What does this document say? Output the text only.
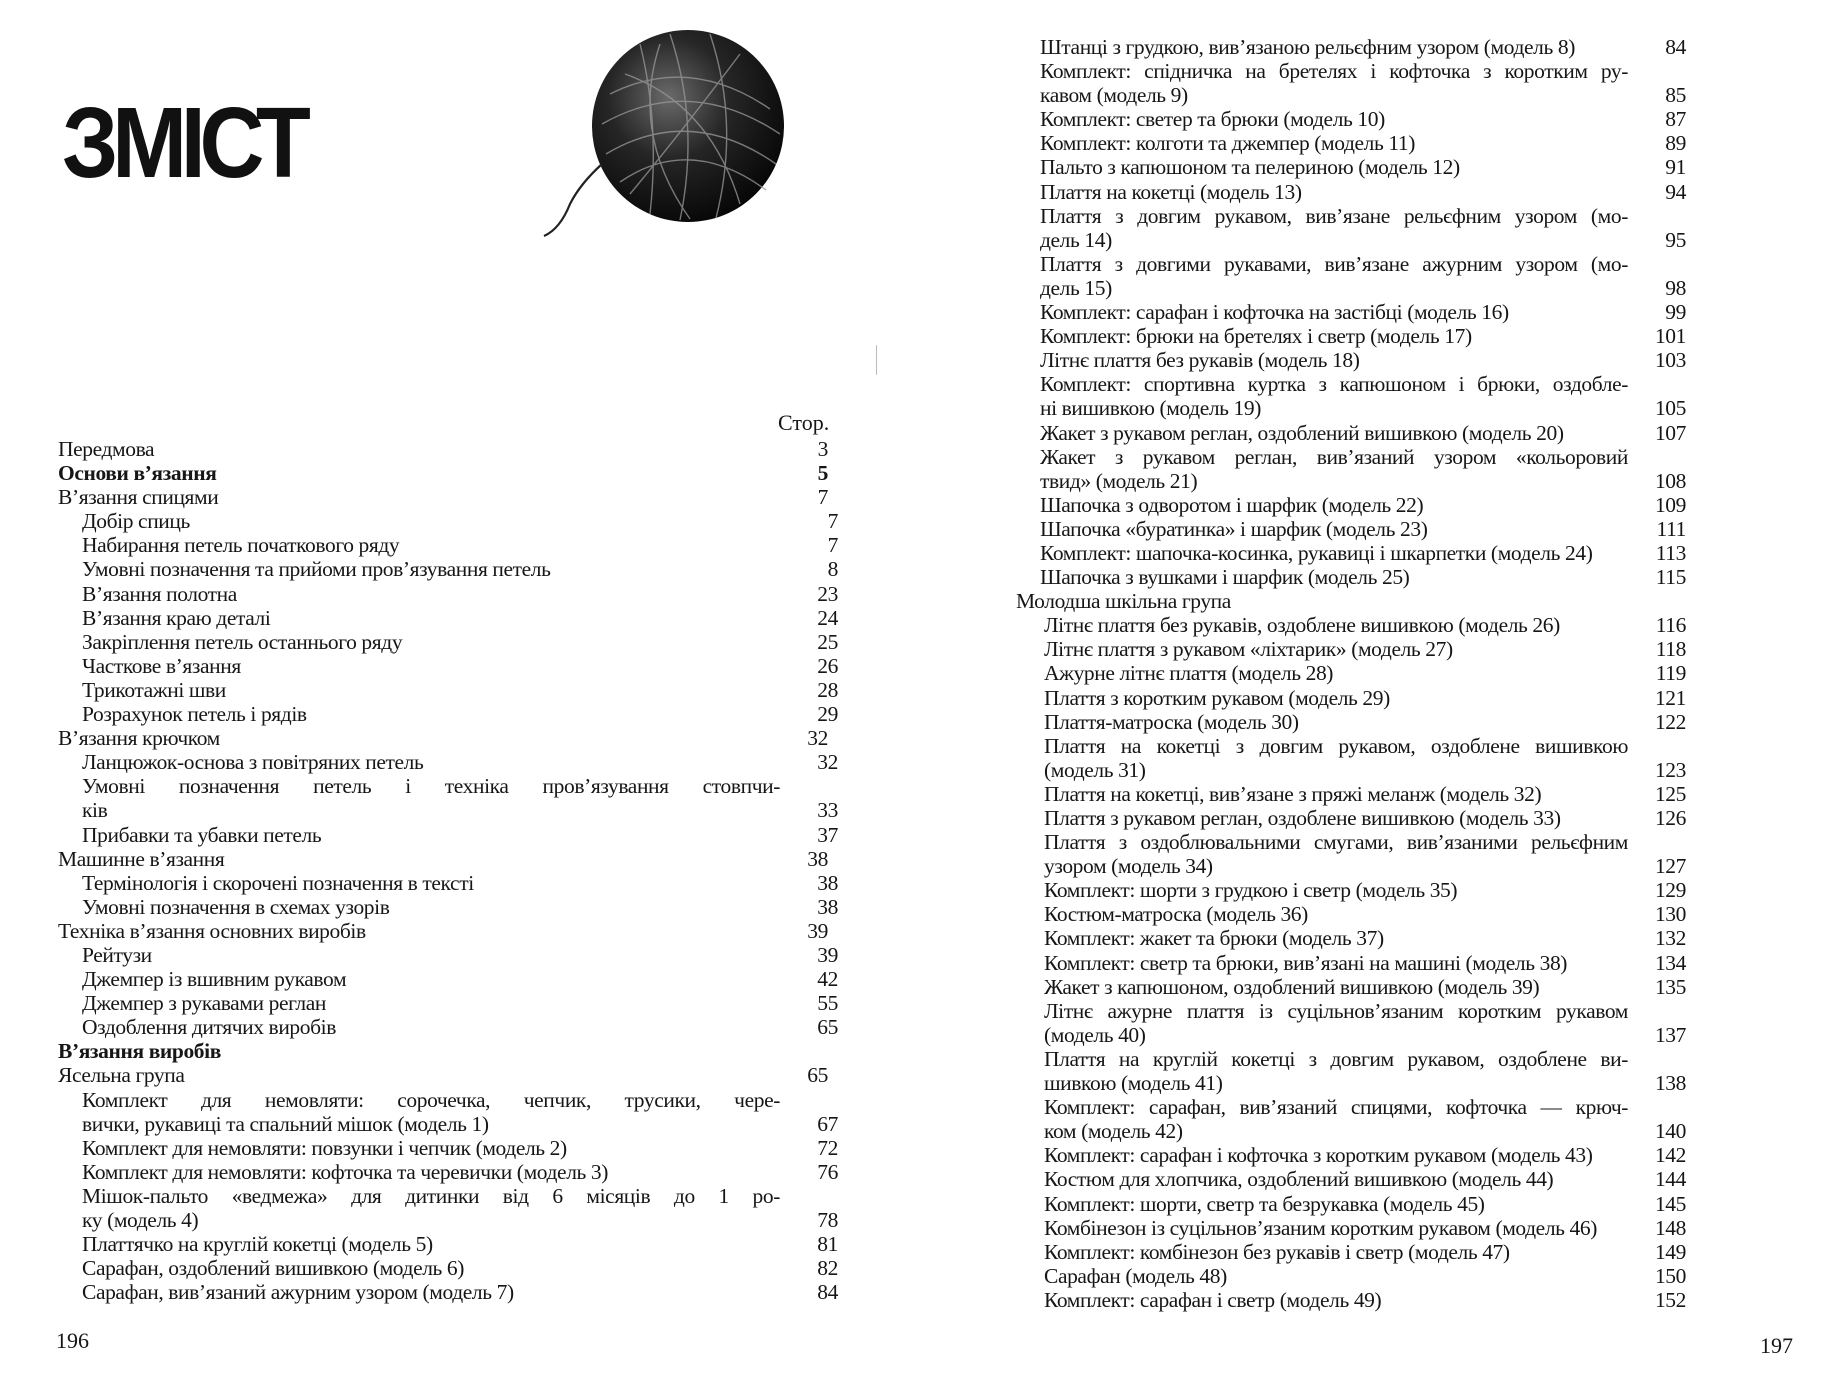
ЗМІСТ
Стор.
Передмова	3
Основи в’язання	5
В’язання спицями	7
Добір спиць	7
Набирання петель початкового ряду	7
Умовні позначення та прийоми пров’язування петель	8
В’язання полотна	23
В’язання краю деталі	24
Закріплення петель останнього ряду	25
Часткове в’язання	26
Трикотажні шви	28
Розрахунок петель і рядів	29
В’язання крючком	32
Ланцюжок-основа з повітряних петель	32
Умовні позначення петель і техніка пров’язування стовпчи-
ків	33
Прибавки та убавки петель	37
Машинне в’язання	38
Термінологія і скорочені позначення в тексті	38
Умовні позначення в схемах узорів	38
Техніка в’язання основних виробів	39
Рейтузи	39
Джемпер із вшивним рукавом	42
Джемпер з рукавами реглан	55
Оздоблення дитячих виробів	65
В’язання виробів
Ясельна група	65
Комплект для немовляти: сорочечка, чепчик, трусики, чере-
вички, рукавиці та спальний мішок (модель 1)	67
Комплект для немовляти: повзунки і чепчик (модель 2)	72
Комплект для немовляти: кофточка та черевички (модель 3)	76
Мішок-пальто «ведмежа» для дитинки від 6 місяців до 1 ро-
ку (модель 4)	78
Платтячко на круглій кокетці (модель 5)	81
Сарафан, оздоблений вишивкою (модель 6)	82
Сарафан, вив’язаний ажурним узором (модель 7)	84
196
Штанці з грудкою, вив’язаною рельєфним узором (модель 8)	84
Комплект: спідничка на бретелях і кофточка з коротким ру-
кавом (модель 9)	85
Комплект: светер та брюки (модель 10)	87
Комплект: колготи та джемпер (модель 11)	89
Пальто з капюшоном та пелериною (модель 12)	91
Плаття на кокетці (модель 13)	94
Плаття з довгим рукавом, вив’язане рельєфним узором (мо-
дель 14)	95
Плаття з довгими рукавами, вив’язане ажурним узором (мо-
дель 15)	98
Комплект: сарафан і кофточка на застібці (модель 16)	99
Комплект: брюки на бретелях і светр (модель 17)	101
Літнє плаття без рукавів (модель 18)	103
Комплект: спортивна куртка з капюшоном і брюки, оздобле-
ні вишивкою (модель 19)	105
Жакет з рукавом реглан, оздоблений вишивкою (модель 20)	107
Жакет з рукавом реглан, вив’язаний узором «кольоровий
твид» (модель 21)	108
Шапочка з одворотом і шарфик (модель 22)	109
Шапочка «буратинка» і шарфик (модель 23)	111
Комплект: шапочка-косинка, рукавиці і шкарпетки (модель 24)	113
Шапочка з вушками і шарфик (модель 25)	115
Молодша шкільна група
Літнє плаття без рукавів, оздоблене вишивкою (модель 26)	116
Літнє плаття з рукавом «ліхтарик» (модель 27)	118
Ажурне літнє плаття (модель 28)	119
Плаття з коротким рукавом (модель 29)	121
Плаття-матроска (модель 30)	122
Плаття на кокетці з довгим рукавом, оздоблене вишивкою
(модель 31)	123
Плаття на кокетці, вив’язане з пряжі меланж (модель 32)	125
Плаття з рукавом реглан, оздоблене вишивкою (модель 33)	126
Плаття з оздоблювальними смугами, вив’язаними рельєфним
узором (модель 34)	127
Комплект: шорти з грудкою і светр (модель 35)	129
Костюм-матроска (модель 36)	130
Комплект: жакет та брюки (модель 37)	132
Комплект: светр та брюки, вив’язані на машині (модель 38)	134
Жакет з капюшоном, оздоблений вишивкою (модель 39)	135
Літнє ажурне плаття із суцільнов’язаним коротким рукавом
(модель 40)	137
Плаття на круглій кокетці з довгим рукавом, оздоблене ви-
шивкою (модель 41)	138
Комплект: сарафан, вив’язаний спицями, кофточка — крюч-
ком (модель 42)	140
Комплект: сарафан і кофточка з коротким рукавом (модель 43)	142
Костюм для хлопчика, оздоблений вишивкою (модель 44)	144
Комплект: шорти, светр та безрукавка (модель 45)	145
Комбінезон із суцільнов’язаним коротким рукавом (модель 46)	148
Комплект: комбінезон без рукавів і светр (модель 47)	149
Сарафан (модель 48)	150
Комплект: сарафан і светр (модель 49)	152
197
